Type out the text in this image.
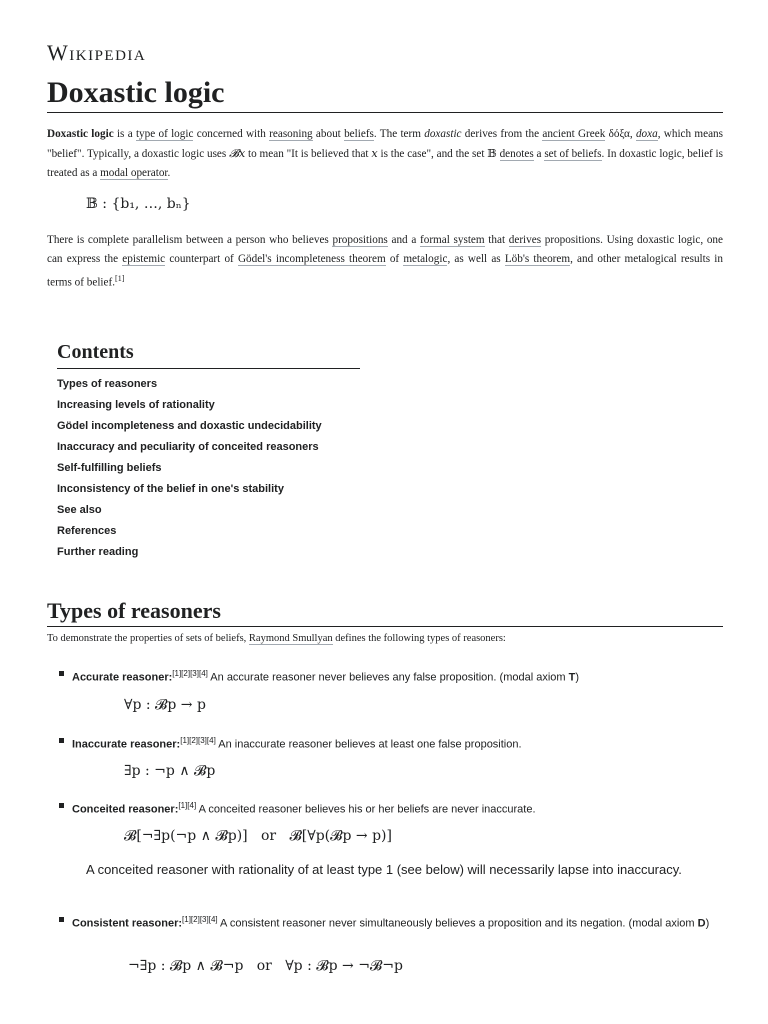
Wikipedia
Doxastic logic
Doxastic logic is a type of logic concerned with reasoning about beliefs. The term doxastic derives from the ancient Greek δόξα, doxa, which means "belief". Typically, a doxastic logic uses 𝓑x to mean "It is believed that x is the case", and the set 𝔹 denotes a set of beliefs. In doxastic logic, belief is treated as a modal operator.
𝔹 : {b₁, …, bₙ}
There is complete parallelism between a person who believes propositions and a formal system that derives propositions. Using doxastic logic, one can express the epistemic counterpart of Gödel's incompleteness theorem of metalogic, as well as Löb's theorem, and other metalogical results in terms of belief.[1]
Contents
Types of reasoners
Increasing levels of rationality
Gödel incompleteness and doxastic undecidability
Inaccuracy and peculiarity of conceited reasoners
Self-fulfilling beliefs
Inconsistency of the belief in one's stability
See also
References
Further reading
Types of reasoners
To demonstrate the properties of sets of beliefs, Raymond Smullyan defines the following types of reasoners:
Accurate reasoner:[1][2][3][4] An accurate reasoner never believes any false proposition. (modal axiom T)
∀p : 𝓑p → p
Inaccurate reasoner:[1][2][3][4] An inaccurate reasoner believes at least one false proposition.
∃p : ¬p ∧ 𝓑p
Conceited reasoner:[1][4] A conceited reasoner believes his or her beliefs are never inaccurate.
𝓑[¬∃p(¬p ∧ 𝓑p)]   or   𝓑[∀p(𝓑p → p)]
A conceited reasoner with rationality of at least type 1 (see below) will necessarily lapse into inaccuracy.
Consistent reasoner:[1][2][3][4] A consistent reasoner never simultaneously believes a proposition and its negation. (modal axiom D)
¬∃p : 𝓑p ∧ 𝓑¬p   or   ∀p : 𝓑p → ¬𝓑¬p
